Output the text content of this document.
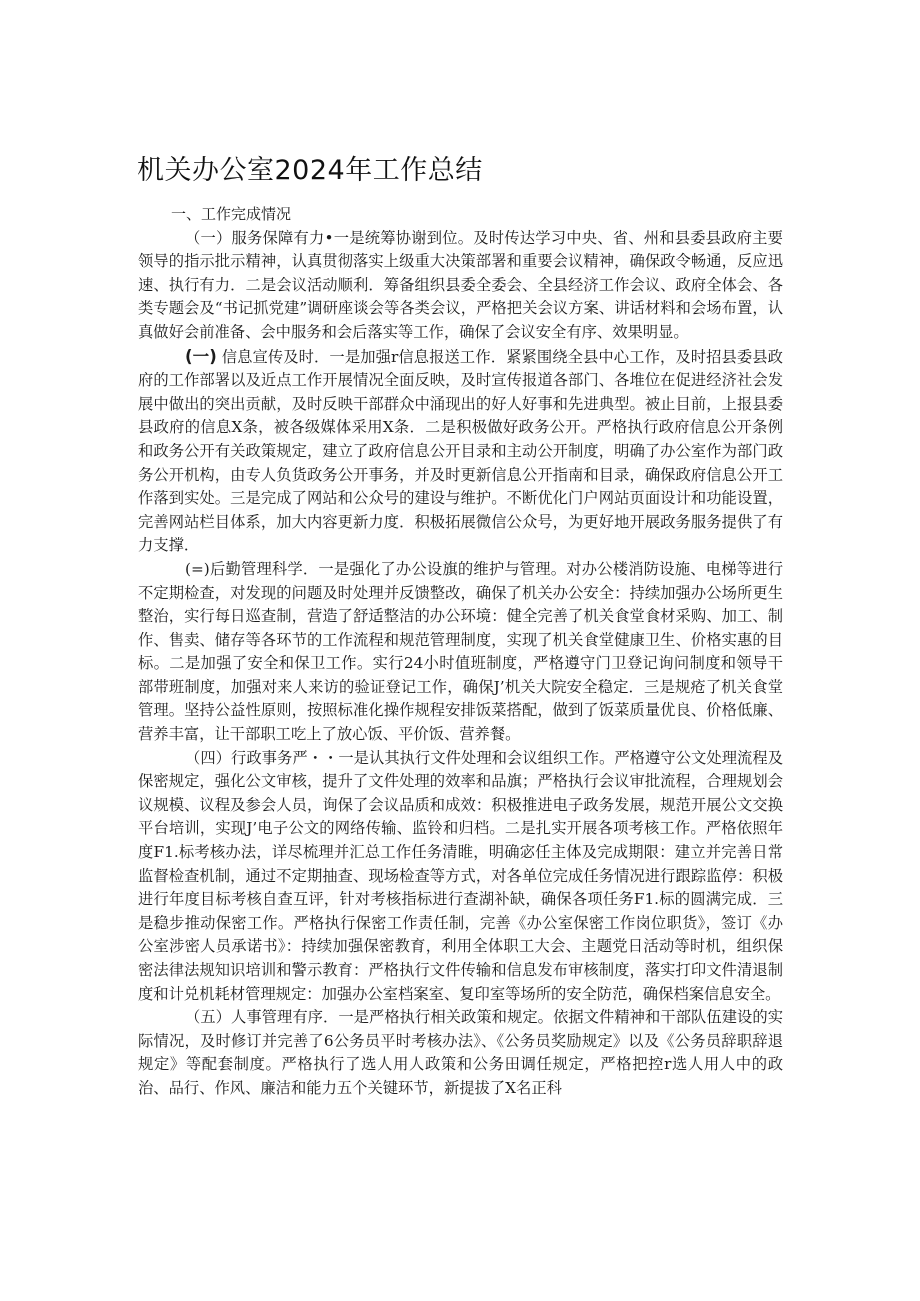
机关办公室2024年工作总结

一、工作完成情况

（一）服务保障有力•一是统筹协谢到位。及时传达学习中央、省、州和县委县政府主要领导的指示批示精神，认真贯彻落实上级重大决策部署和重要会议精神，确保政令畅通，反应迅速、执行有力．二是会议活动顺利．筹备组织县委全委会、全县经济工作会议、政府全体会、各类专题会及“书记抓党建”调研座谈会等各类会议，严格把关会议方案、讲话材料和会场布置，认真做好会前准备、会中服务和会后落实等工作，确保了会议安全有序、效果明显。

(一) 信息宣传及时．一是加强r信息报送工作．紧紧围绕全县中心工作，及时招县委县政府的工作部署以及近点工作开展情况全面反映，及时宣传报道各部门、各堆位在促进经济社会发展中做出的突出贡献，及时反映干部群众中涌现出的好人好事和先进典型。被止目前，上报县委县政府的信息X条，被各级媒体采用X条．二是积极做好政务公开。严格执行政府信息公开条例和政务公开有关政策规定，建立了政府信息公开目录和主动公开制度，明确了办公室作为部门政务公开机构，由专人负货政务公开事务，并及时更新信息公开指南和目录，确保政府信息公开工作落到实处。三是完成了网站和公众号的建设与维护。不断优化门户网站页面设计和功能设置，完善网站栏目体系，加大内容更新力度．积极拓展微信公众号，为更好地开展政务服务提供了有力支撑．

(=)后勤管理科学．一是强化了办公设旗的维护与管理。对办公楼消防设施、电梯等进行不定期检查，对发现的问题及时处理并反馈整改，确保了机关办公安全：持续加强办公场所更生整治，实行每日巡查制，营造了舒适整洁的办公环境：健全完善了机关食堂食材采购、加工、制作、售卖、储存等各环节的工作流程和规范管理制度，实现了机关食堂健康卫生、价格实惠的目标。二是加强了安全和保卫工作。实行24小时值班制度，严格遵守门卫登记询问制度和领导干部带班制度，加强对来人来访的验证登记工作，确保J’机关大院安全稳定．三是规疮了机关食堂管理。坚持公益性原则，按照标准化操作规程安排饭菜搭配，做到了饭菜质量优良、价格低廉、营养丰富，让干部职工吃上了放心饭、平价饭、营养餐。

（四）行政事务严・・一是认其执行文件处理和会议组织工作。严格遵守公文处理流程及保密规定，强化公文审核，提升了文件处理的效率和品旗；严格执行会议审批流程，合理规划会议规模、议程及参会人员，询保了会议品质和成效：积极推进电子政务发展，规范开展公文交换平台培训，实现J’电子公文的网络传输、监铃和归档。二是扎实开展各项考核工作。严格依照年度F1.标考核办法，详尽梳理并汇总工作任务清睢，明确宓任主体及完成期限：建立并完善日常监督检查机制，通过不定期抽查、现场检查等方式，对各单位完成任务情况进行跟踪监停：积极进行年度目标考核自查互评，针对考核指标进行查湖补缺，确保各项任务F1.标的圆满完成．三是稳步推动保密工作。严格执行保密工作责任制，完善《办公室保密工作岗位职货》，签订《办公室涉密人员承诺书》：持续加强保密教育，利用全体职工大会、主题党日活动等时机，组织保密法律法规知识培训和警示教育：严格执行文件传输和信息发布审核制度，落实打印文件清退制度和计兑机耗材管理规定：加强办公室档案室、复印室等场所的安全防范，确保档案信息安全。

（五）人事管理有序．一是严格执行相关政策和规定。依据文件精神和干部队伍建设的实际情况，及时修订并完善了6公务员平时考核办法》、《公务员奖励规定》以及《公务员辞职辞退规定》等配套制度。严格执行了选人用人政策和公务田调任规定，严格把控r选人用人中的政治、品行、作风、廉洁和能力五个关键环节，新提拔了X名正科
